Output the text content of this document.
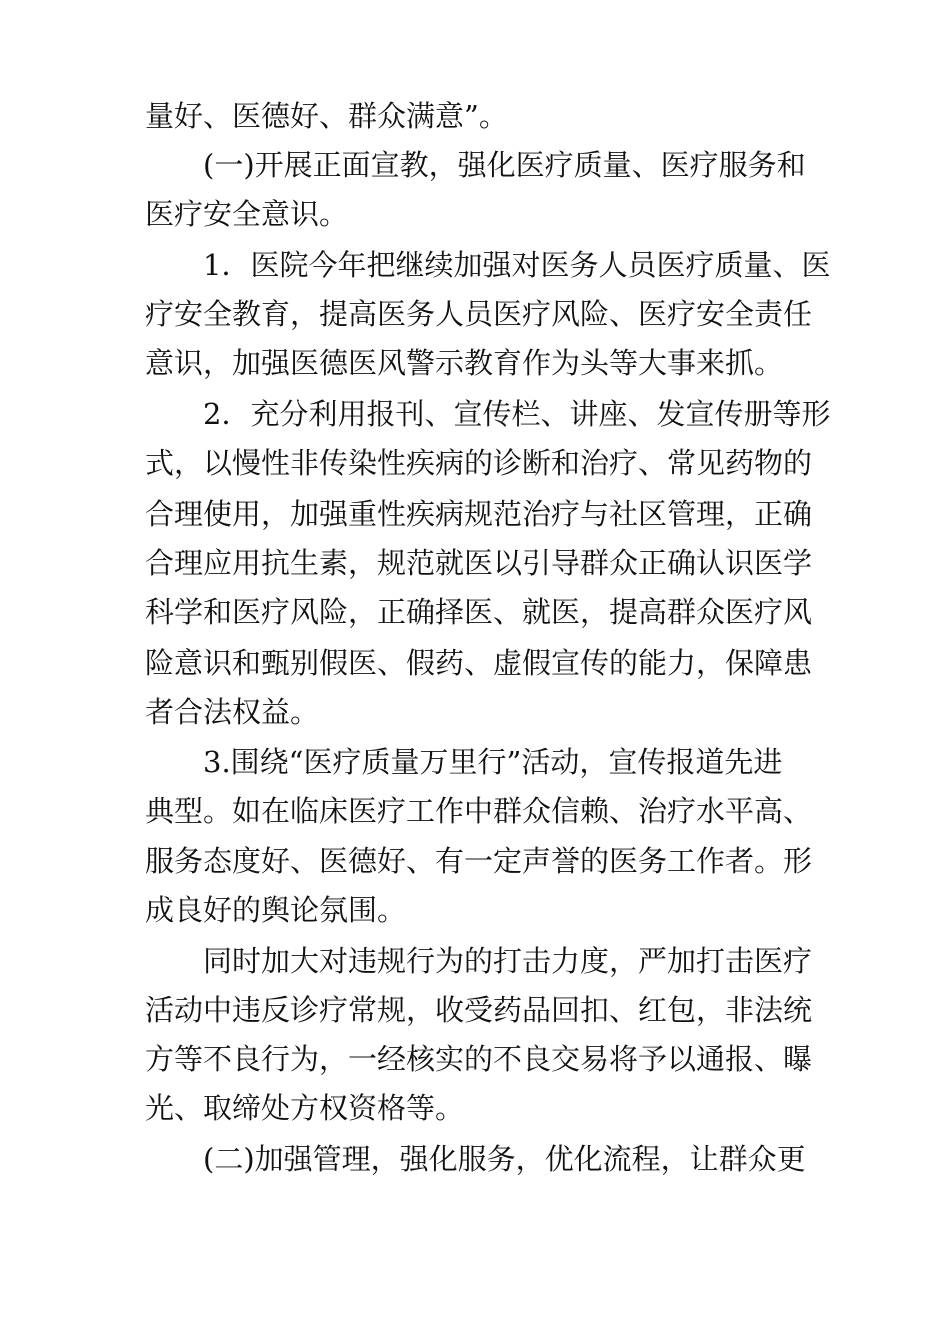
量好、医德好、群众满意”。
(一)开展正面宣教，强化医疗质量、医疗服务和
医疗安全意识。
1．医院今年把继续加强对医务人员医疗质量、医
疗安全教育，提高医务人员医疗风险、医疗安全责任
意识，加强医德医风警示教育作为头等大事来抓。
2．充分利用报刊、宣传栏、讲座、发宣传册等形
式，以慢性非传染性疾病的诊断和治疗、常见药物的
合理使用，加强重性疾病规范治疗与社区管理，正确
合理应用抗生素，规范就医以引导群众正确认识医学
科学和医疗风险，正确择医、就医，提高群众医疗风
险意识和甄别假医、假药、虚假宣传的能力，保障患
者合法权益。
3.围绕“医疗质量万里行”活动，宣传报道先进
典型。如在临床医疗工作中群众信赖、治疗水平高、
服务态度好、医德好、有一定声誉的医务工作者。形
成良好的舆论氛围。
同时加大对违规行为的打击力度，严加打击医疗
活动中违反诊疗常规，收受药品回扣、红包，非法统
方等不良行为，一经核实的不良交易将予以通报、曝
光、取缔处方权资格等。
(二)加强管理，强化服务，优化流程，让群众更
